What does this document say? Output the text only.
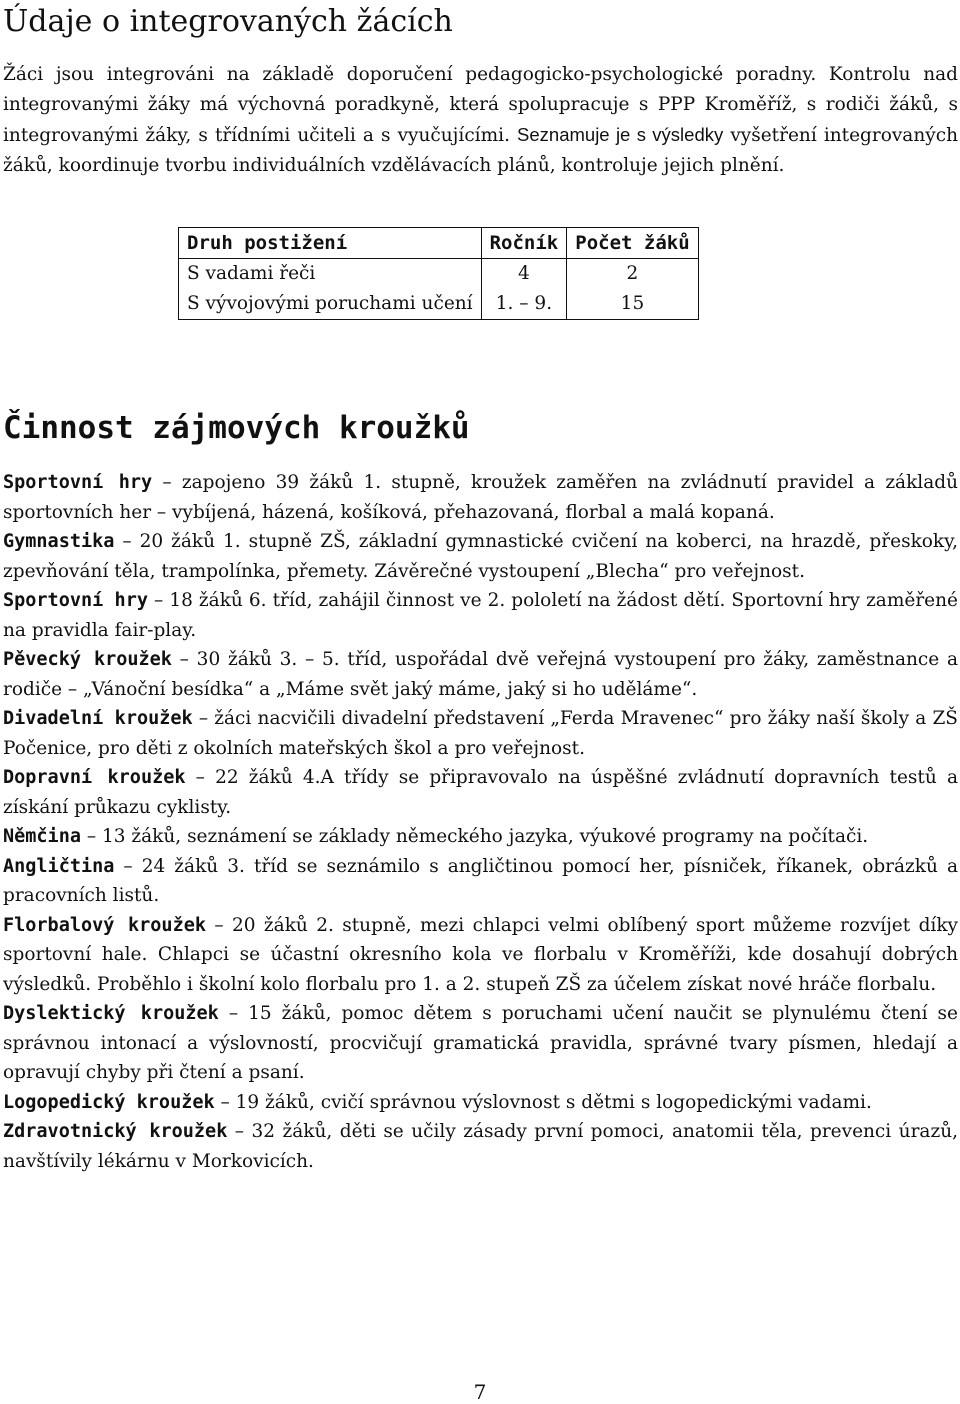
Údaje o integrovaných žácích

Žáci jsou integrováni na základě doporučení pedagogicko-psychologické poradny. Kontrolu nad integrovanými žáky má výchovná poradkyně, která spolupracuje s PPP Kroměříž, s rodiči žáků, s integrovanými žáky, s třídními učiteli a s vyučujícími. Seznamuje je s výsledky vyšetření integrovaných žáků, koordinuje tvorbu individuálních vzdělávacích plánů, kontroluje jejich plnění.

Druh postižení	Ročník	Počet žáků
S vadami řeči	4	2
S vývojovými poruchami učení	1. – 9.	15
Činnost zájmových kroužků

Sportovní hry – zapojeno 39 žáků 1. stupně, kroužek zaměřen na zvládnutí pravidel a základů sportovních her – vybíjená, házená, košíková, přehazovaná, florbal a malá kopaná.

Gymnastika – 20 žáků 1. stupně ZŠ, základní gymnastické cvičení na koberci, na hrazdě, přeskoky, zpevňování těla, trampolínka, přemety. Závěrečné vystoupení „Blecha“ pro veřejnost.

Sportovní hry – 18 žáků 6. tříd, zahájil činnost ve 2. pololetí na žádost dětí. Sportovní hry zaměřené na pravidla fair-play.

Pěvecký kroužek – 30 žáků 3. – 5. tříd, uspořádal dvě veřejná vystoupení pro žáky, zaměstnance a rodiče – „Vánoční besídka“ a „Máme svět jaký máme, jaký si ho uděláme“.

Divadelní kroužek – žáci nacvičili divadelní představení „Ferda Mravenec“ pro žáky naší školy a ZŠ Počenice, pro děti z okolních mateřských škol a pro veřejnost.

Dopravní kroužek – 22 žáků 4.A třídy se připravovalo na úspěšné zvládnutí dopravních testů a získání průkazu cyklisty.

Němčina – 13 žáků, seznámení se základy německého jazyka, výukové programy na počítači.

Angličtina – 24 žáků 3. tříd se seznámilo s angličtinou pomocí her, písniček, říkanek, obrázků a pracovních listů.

Florbalový kroužek – 20 žáků 2. stupně, mezi chlapci velmi oblíbený sport můžeme rozvíjet díky sportovní hale. Chlapci se účastní okresního kola ve florbalu v Kroměříži, kde dosahují dobrých výsledků. Proběhlo i školní kolo florbalu pro 1. a 2. stupeň ZŠ za účelem získat nové hráče florbalu.

Dyslektický kroužek – 15 žáků, pomoc dětem s poruchami učení naučit se plynulému čtení se správnou intonací a výslovností, procvičují gramatická pravidla, správné tvary písmen, hledají a opravují chyby při čtení a psaní.

Logopedický kroužek – 19 žáků, cvičí správnou výslovnost s dětmi s logopedickými vadami.

Zdravotnický kroužek – 32 žáků, děti se učily zásady první pomoci, anatomii těla, prevenci úrazů, navštívily lékárnu v Morkovicích.

7
